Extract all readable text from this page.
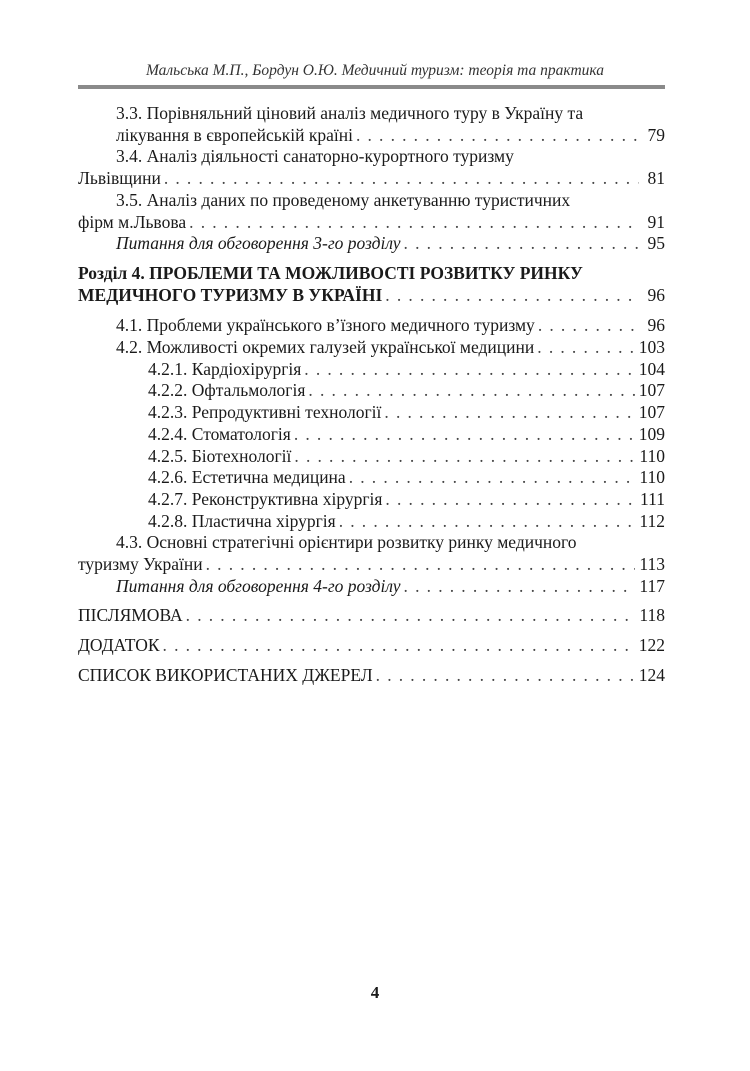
Мальська М.П., Бордун О.Ю. Медичний туризм: теорія та практика
3.3. Порівняльний ціновий аналіз медичного туру в Україну та
лікування в європейській країні . . .	79
3.4. Аналіз діяльності санаторно-курортного туризму
Львівщини . . .	81
3.5. Аналіз даних по проведеному анкетуванню туристичних
фірм м.Львова . . .	91
Питання для обговорення 3-го розділу . . .	95
Розділ 4. ПРОБЛЕМИ ТА МОЖЛИВОСТІ РОЗВИТКУ РИНКУ
МЕДИЧНОГО ТУРИЗМУ В УКРАЇНІ . . .	96
4.1. Проблеми українського в’їзного медичного туризму . . .	96
4.2. Можливості окремих галузей української медицини . . .	103
4.2.1. Кардіохірургія . . .	104
4.2.2. Офтальмологія . . .	107
4.2.3. Репродуктивні технології . . .	107
4.2.4. Стоматологія . . .	109
4.2.5. Біотехнології . . .	110
4.2.6. Естетична медицина . . .	110
4.2.7. Реконструктивна хірургія . . .	111
4.2.8. Пластична хірургія . . .	112
4.3. Основні стратегічні орієнтири розвитку ринку медичного
туризму України . . .	113
Питання для обговорення 4-го розділу . . .	117
ПІСЛЯМОВА . . .	118
ДОДАТОК . . .	122
СПИСОК ВИКОРИСТАНИХ ДЖЕРЕЛ . . .	124
4
